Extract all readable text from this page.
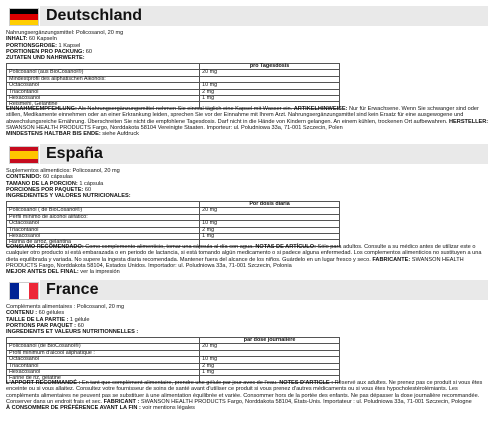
Deutschland
Nahrungsergänzungsmittel: Policosanol, 20 mg
INHALT: 60 Kapseln
PORTIONSGRÖßE: 1 Kapsel
PORTIONEN PRO PACKUNG: 60
ZUTATEN UND NÄHRWERTE:
	pro Tagesdosis
Policosanol (aus BioCosanol®)	20 mg
Mindestprofil des aliphatischen Alkohols:	
Octacosanol	10 mg
Triacontanol	2 mg
Hexacosanol	1 mg
Reismehl, Gelantine	

EINNAHMEEMPFEHLUNG: Als Nahrungsergänzungsmittel nehmen Sie einmal täglich eine Kapsel mit Wasser ein. ARTIKELHINWEISE: Nur für Erwachsene. Wenn Sie schwanger sind oder stillen, Medikamente einnehmen oder an einer Erkrankung leiden, sprechen Sie vor der Einnahme mit Ihrem Arzt. Nahrungsergänzungsmittel sind kein Ersatz für eine ausgewogene und abwechslungsreiche Ernährung. Überschreiten Sie nicht die empfohlene Tagesdosis. Darf nicht in die Hände von Kindern gelangen. An einem kühlen, trockenen Ort aufbewahren. HERSTELLER: SWANSON HEALTH PRODUCTS Fargo, Norddakota 58104 Vereinigte Staaten. Importeur: ul. Poludniowa 33a, 71-001 Szczecin, Polen
MINDESTENS HALTBAR BIS ENDE: siehe Aufdruck

España
Suplementos alimenticios: Policosanol, 20 mg
CONTENIDO: 60 cápsulas
TAMAÑO DE LA PORCIÓN: 1 cápsula
PORCIONES POR PAQUETE: 60
INGREDIENTES Y VALORES NUTRICIONALES:
	Por dosis diaria
Policosanol ( de BioCosanol®)	20 mg
Perfil mínimo de alcohol alifático:	
Octacosanol	10 mg
Triacontanol	2 mg
Hexacosanol	1 mg
Harina de arroz, gelantina	

CONSUMO RECOMENDADO: Como complemento alimenticio, tomar una cápsula al día con agua. NOTAS DE ARTÍCULO: Sólo para adultos. Consulte a su médico antes de utilizar este o cualquier otro producto si está embarazada o en periodo de lactancia, si está tomando algún medicamento o si padece alguna enfermedad. Los complementos alimenticios no sustituyen a una dieta equilibrada y variada. No supere la ingesta diaria recomendada. Mantener fuera del alcance de los niños. Guárdelo en un lugar fresco y seco. FABRICANTE: SWANSON HEALTH PRODUCTS Fargo, Norddakota 58104, Estados Unidos. Importador: ul. Poludniowa 33a, 71-001 Szczecin, Polonia
MEJOR ANTES DEL FINAL: ver la impresión

France
Compléments alimentaires : Policosanol, 20 mg
CONTENU : 60 gélules
TAILLE DE LA PARTIE : 1 gélule
PORTIONS PAR PAQUET : 60
INGRÉDIENTS ET VALEURS NUTRITIONNELLES :
	par dose journalière
Policosanol (de BioCosanol®)	20 mg
Profil minimum d'alcool aliphatique :	
Octacosanol	10 mg
Triacontanol	2 mg
Hexacosanol	1 mg
Farine de riz, gélatine	

L'APPORT RECOMMANDÉ : En tant que complément alimentaire, prendre une gélule par jour avec de l'eau. NOTES D'ARTICLE : Réservé aux adultes. Ne prenez pas ce produit si vous êtes enceinte ou si vous allaitez. Consultez votre fournisseur de soins de santé avant d'utiliser ce produit si vous prenez d'autres médicaments ou si vous êtes hypocholestérolémiants. Les compléments alimentaires ne peuvent pas se substituer à une alimentation équilibrée et variée. Consommer hors de la portée des enfants. Ne pas dépasser la dose journalière recommandée. Conserver dans un endroit frais et sec. FABRICANT : SWANSON HEALTH PRODUCTS Fargo, Norddakota 58104, États-Unis. Importateur : ul. Poludniowa 33a, 71-001 Szczecin, Pologne
À CONSOMMER DE PRÉFÉRENCE AVANT LA FIN : voir mentions légales
